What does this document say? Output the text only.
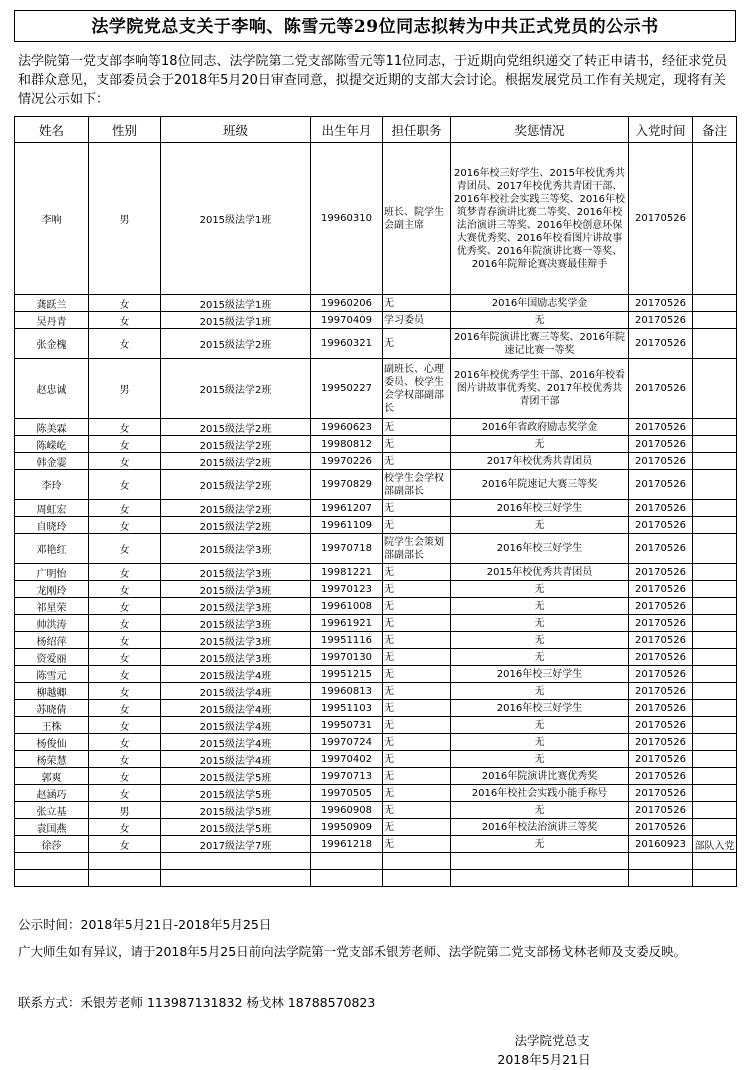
法学院党总支关于李响、陈雪元等29位同志拟转为中共正式党员的公示书
法学院第一党支部李响等18位同志、法学院第二党支部陈雪元等11位同志，于近期向党组织递交了转正申请书，经征求党员和群众意见，支部委员会于2018年5月20日审查同意，拟提交近期的支部大会讨论。根据发展党员工作有关规定，现将有关情况公示如下：
姓名	性别	班级	出生年月	担任职务	奖惩情况	入党时间	备注
李响	男	2015级法学1班	19960310	班长、院学生会副主席	2016年校三好学生、2015年校优秀共青团员、2017年校优秀共青团干部、2016年校社会实践三等奖、2016年校筑梦青春演讲比赛二等奖、2016年校法治演讲三等奖、2016年校创意环保大赛优秀奖、2016年校看图片讲故事优秀奖、2016年院演讲比赛一等奖、2016年院辩论赛决赛最佳辩手	20170526	
龚跃兰	女	2015级法学1班	19960206	无	2016年国励志奖学金	20170526	
吴丹青	女	2015级法学1班	19970409	学习委员	无	20170526	
张金槐	女	2015级法学2班	19960321	无	2016年院演讲比赛三等奖、2016年院速记比赛一等奖	20170526	
赵忠诚	男	2015级法学2班	19950227	副班长、心理委员、校学生会学权部副部长	2016年校优秀学生干部、2016年校看图片讲故事优秀奖、2017年校优秀共青团干部	20170526	
陈美霖	女	2015级法学2班	19960623	无	2016年省政府励志奖学金	20170526	
陈嵘屹	女	2015级法学2班	19980812	无	无	20170526	
韩金霎	女	2015级法学2班	19970226	无	2017年校优秀共青团员	20170526	
李玲	女	2015级法学2班	19970829	校学生会学权部副部长	2016年院速记大赛三等奖	20170526	
周虹宏	女	2015级法学2班	19961207	无	2016年校三好学生	20170526	
自晓玲	女	2015级法学2班	19961109	无	无	20170526	
邓艳红	女	2015级法学3班	19970718	院学生会策划部副部长	2016年校三好学生	20170526	
广明怡	女	2015级法学3班	19981221	无	2015年校优秀共青团员	20170526	
龙刚玲	女	2015级法学3班	19970123	无	无	20170526	
祁星荣	女	2015级法学3班	19961008	无	无	20170526	
帅洪涛	女	2015级法学3班	19961921	无	无	20170526	
杨绍萍	女	2015级法学3班	19951116	无	无	20170526	
资爱丽	女	2015级法学3班	19970130	无	无	20170526	
陈雪元	女	2015级法学4班	19951215	无	2016年校三好学生	20170526	
柳越卿	女	2015级法学4班	19960813	无	无	20170526	
苏晓倩	女	2015级法学4班	19951103	无	2016年校三好学生	20170526	
王株	女	2015级法学4班	19950731	无	无	20170526	
杨俊仙	女	2015级法学4班	19970724	无	无	20170526	
杨荣慧	女	2015级法学4班	19970402	无	无	20170526	
郭爽	女	2015级法学5班	19970713	无	2016年院演讲比赛优秀奖	20170526	
赵涵巧	女	2015级法学5班	19970505	无	2016年校社会实践小能手称号	20170526	
张立基	男	2015级法学5班	19960908	无	无	20170526	
袁国燕	女	2015级法学5班	19950909	无	2016年校法治演讲三等奖	20170526	
徐莎	女	2017级法学7班	19961218	无	无	20160923	部队入党

公示时间：2018年5月21日-2018年5月25日
广大师生如有异议，请于2018年5月25日前向法学院第一党支部禾银芳老师、法学院第二党支部杨戈林老师及支委反映。
联系方式：禾银芳老师 113987131832 杨戈林 18788570823
法学院党总支
2018年5月21日
